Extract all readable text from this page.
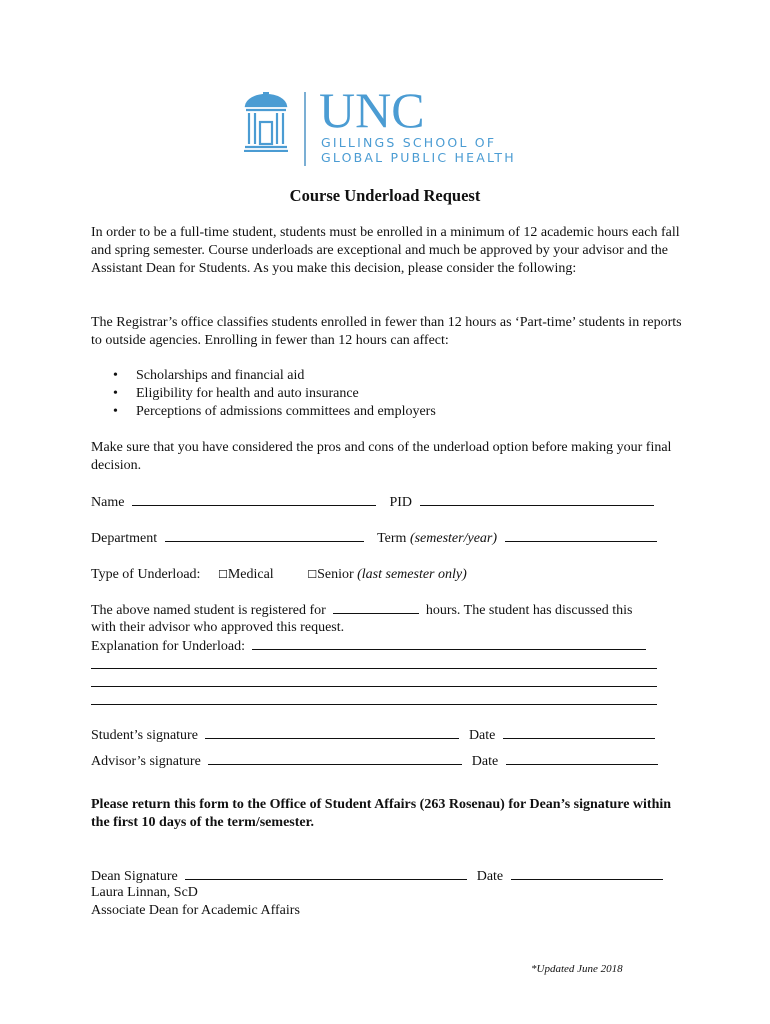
UNC
GILLINGS SCHOOL OF
GLOBAL PUBLIC HEALTH
Course Underload Request
In order to be a full-time student, students must be enrolled in a minimum of 12 academic hours each fall and spring semester. Course underloads are exceptional and much be approved by your advisor and the Assistant Dean for Students. As you make this decision, please consider the following:
The Registrar’s office classifies students enrolled in fewer than 12 hours as ‘Part-time’ students in reports to outside agencies. Enrolling in fewer than 12 hours can affect:
• Scholarships and financial aid
• Eligibility for health and auto insurance
• Perceptions of admissions committees and employers
Make sure that you have considered the pros and cons of the underload option before making your final decision.
Name	PID
Department	Term (semester/year)
Type of Underload: ☐Medical	☐Senior (last semester only)
The above named student is registered for	hours. The student has discussed this
with their advisor who approved this request.
Explanation for Underload:
Student’s signature	Date
Advisor’s signature	Date
Please return this form to the Office of Student Affairs (263 Rosenau) for Dean’s signature within the first 10 days of the term/semester.
Dean Signature	Date
Laura Linnan, ScD
Associate Dean for Academic Affairs
*Updated June 2018
